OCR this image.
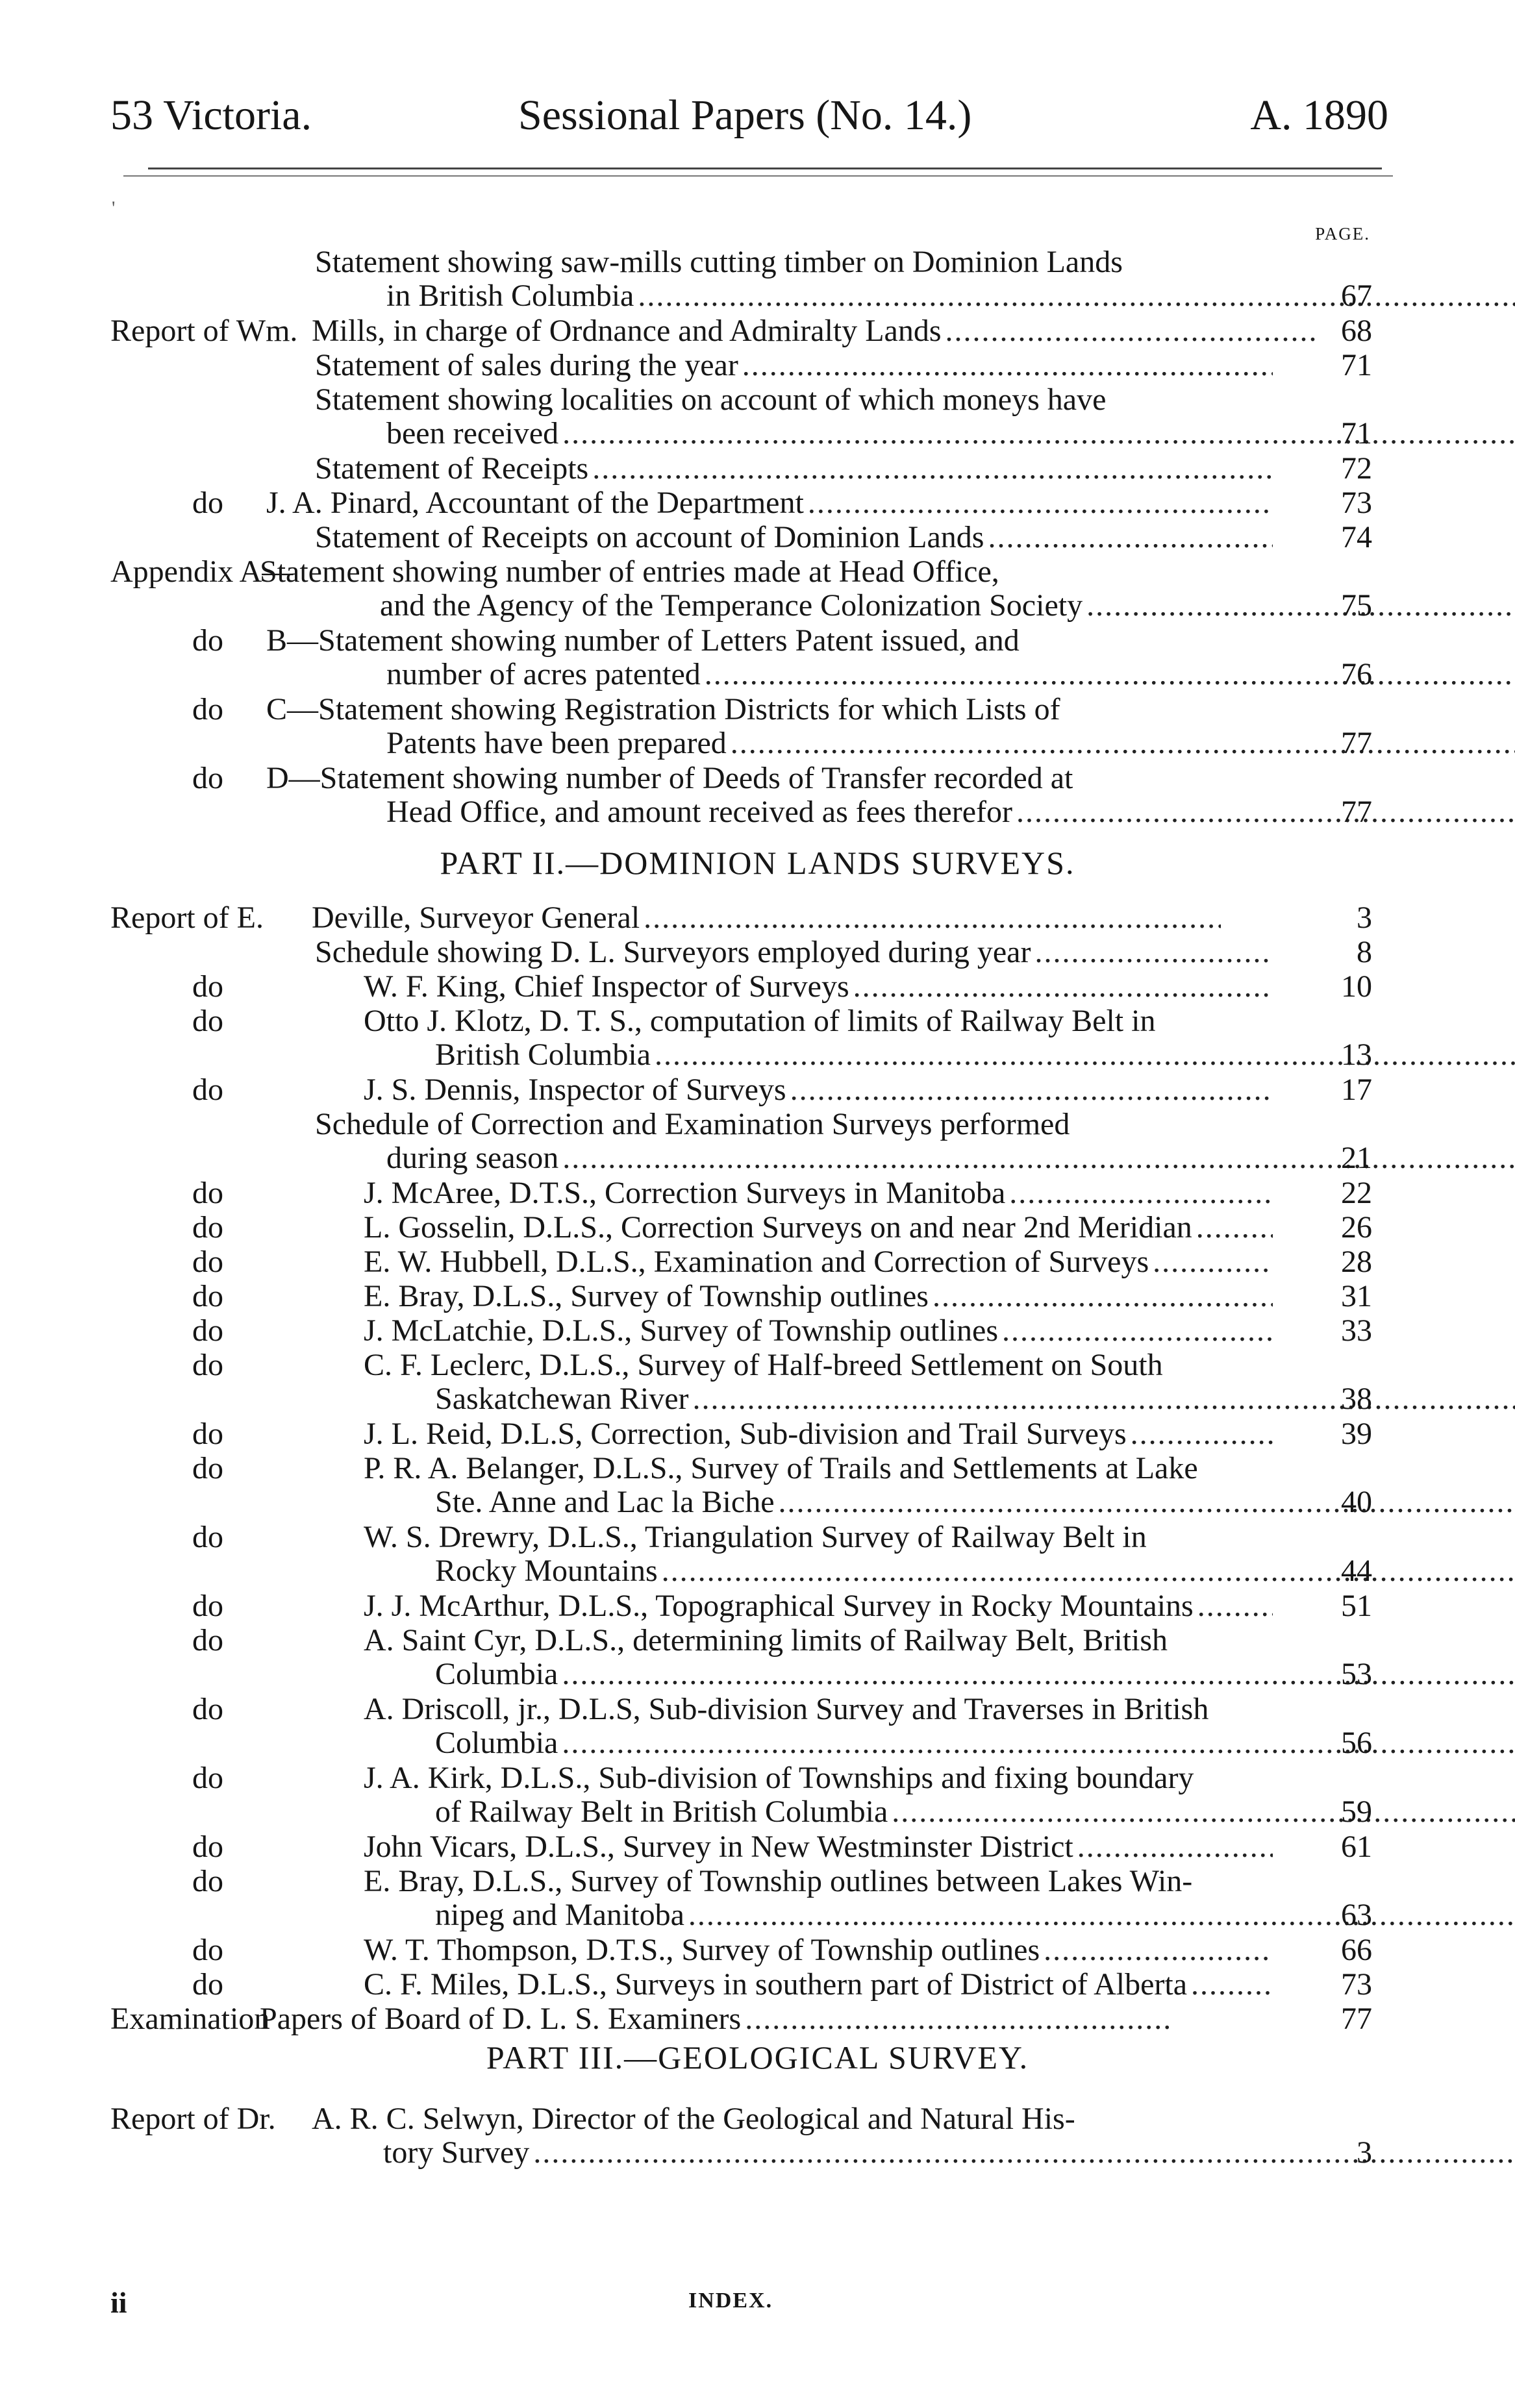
53 Victoria.	Sessional Papers (No. 14.)	A. 1890
'
PAGE.
Statement showing saw-mills cutting timber on Dominion Lands
in British Columbia .....	67
Report of Wm. Mills, in charge of Ordnance and Admiralty Lands .....	68
Statement of sales during the year .....	71
Statement showing localities on account of which moneys have
been received .....	71
Statement of Receipts .....	72
do	J. A. Pinard, Accountant of the Department .....	73
Statement of Receipts on account of Dominion Lands .....	74
Appendix A—
Statement showing number of entries made at Head Office,
and the Agency of the Temperance Colonization Society .....	75
do	B—Statement showing number of Letters Patent issued, and
number of acres patented .....	76
do	C—Statement showing Registration Districts for which Lists of
Patents have been prepared .....	77
do	D—Statement showing number of Deeds of Transfer recorded at
Head Office, and amount received as fees therefor .....	77
PART II.—DOMINION LANDS SURVEYS.
Report of E. Deville, Surveyor General .....	3
Schedule showing D. L. Surveyors employed during year .....	8
do	W. F. King, Chief Inspector of Surveys .....	10
do	Otto J. Klotz, D. T. S., computation of limits of Railway Belt in
British Columbia .....	13
do	J. S. Dennis, Inspector of Surveys .....	17
Schedule of Correction and Examination Surveys performed
during season .....	21
do	J. McAree, D.T.S., Correction Surveys in Manitoba .....	22
do	L. Gosselin, D.L.S., Correction Surveys on and near 2nd Meridian .....	26
do	E. W. Hubbell, D.L.S., Examination and Correction of Surveys .....	28
do	E. Bray, D.L.S., Survey of Township outlines .....	31
do	J. McLatchie, D.L.S., Survey of Township outlines .....	33
do	C. F. Leclerc, D.L.S., Survey of Half-breed Settlement on South
Saskatchewan River .....	38
do	J. L. Reid, D.L.S, Correction, Sub-division and Trail Surveys .....	39
do	P. R. A. Belanger, D.L.S., Survey of Trails and Settlements at Lake
Ste. Anne and Lac la Biche .....	40
do	W. S. Drewry, D.L.S., Triangulation Survey of Railway Belt in
Rocky Mountains .....	44
do	J. J. McArthur, D.L.S., Topographical Survey in Rocky Mountains .....	51
do	A. Saint Cyr, D.L.S., determining limits of Railway Belt, British
Columbia .....	53
do	A. Driscoll, jr., D.L.S, Sub-division Survey and Traverses in British
Columbia .....	56
do	J. A. Kirk, D.L.S., Sub-division of Townships and fixing boundary
of Railway Belt in British Columbia .....	59
do	John Vicars, D.L.S., Survey in New Westminster District .....	61
do	E. Bray, D.L.S., Survey of Township outlines between Lakes Win-
nipeg and Manitoba .....	63
do	W. T. Thompson, D.T.S., Survey of Township outlines .....	66
do	C. F. Miles, D.L.S., Surveys in southern part of District of Alberta .....	73
Examination
Papers of Board of D. L. S. Examiners .....	77
PART III.—GEOLOGICAL SURVEY.
Report of Dr. A. R. C. Selwyn, Director of the Geological and Natural His-
tory Survey .....	3
ii	INDEX.
